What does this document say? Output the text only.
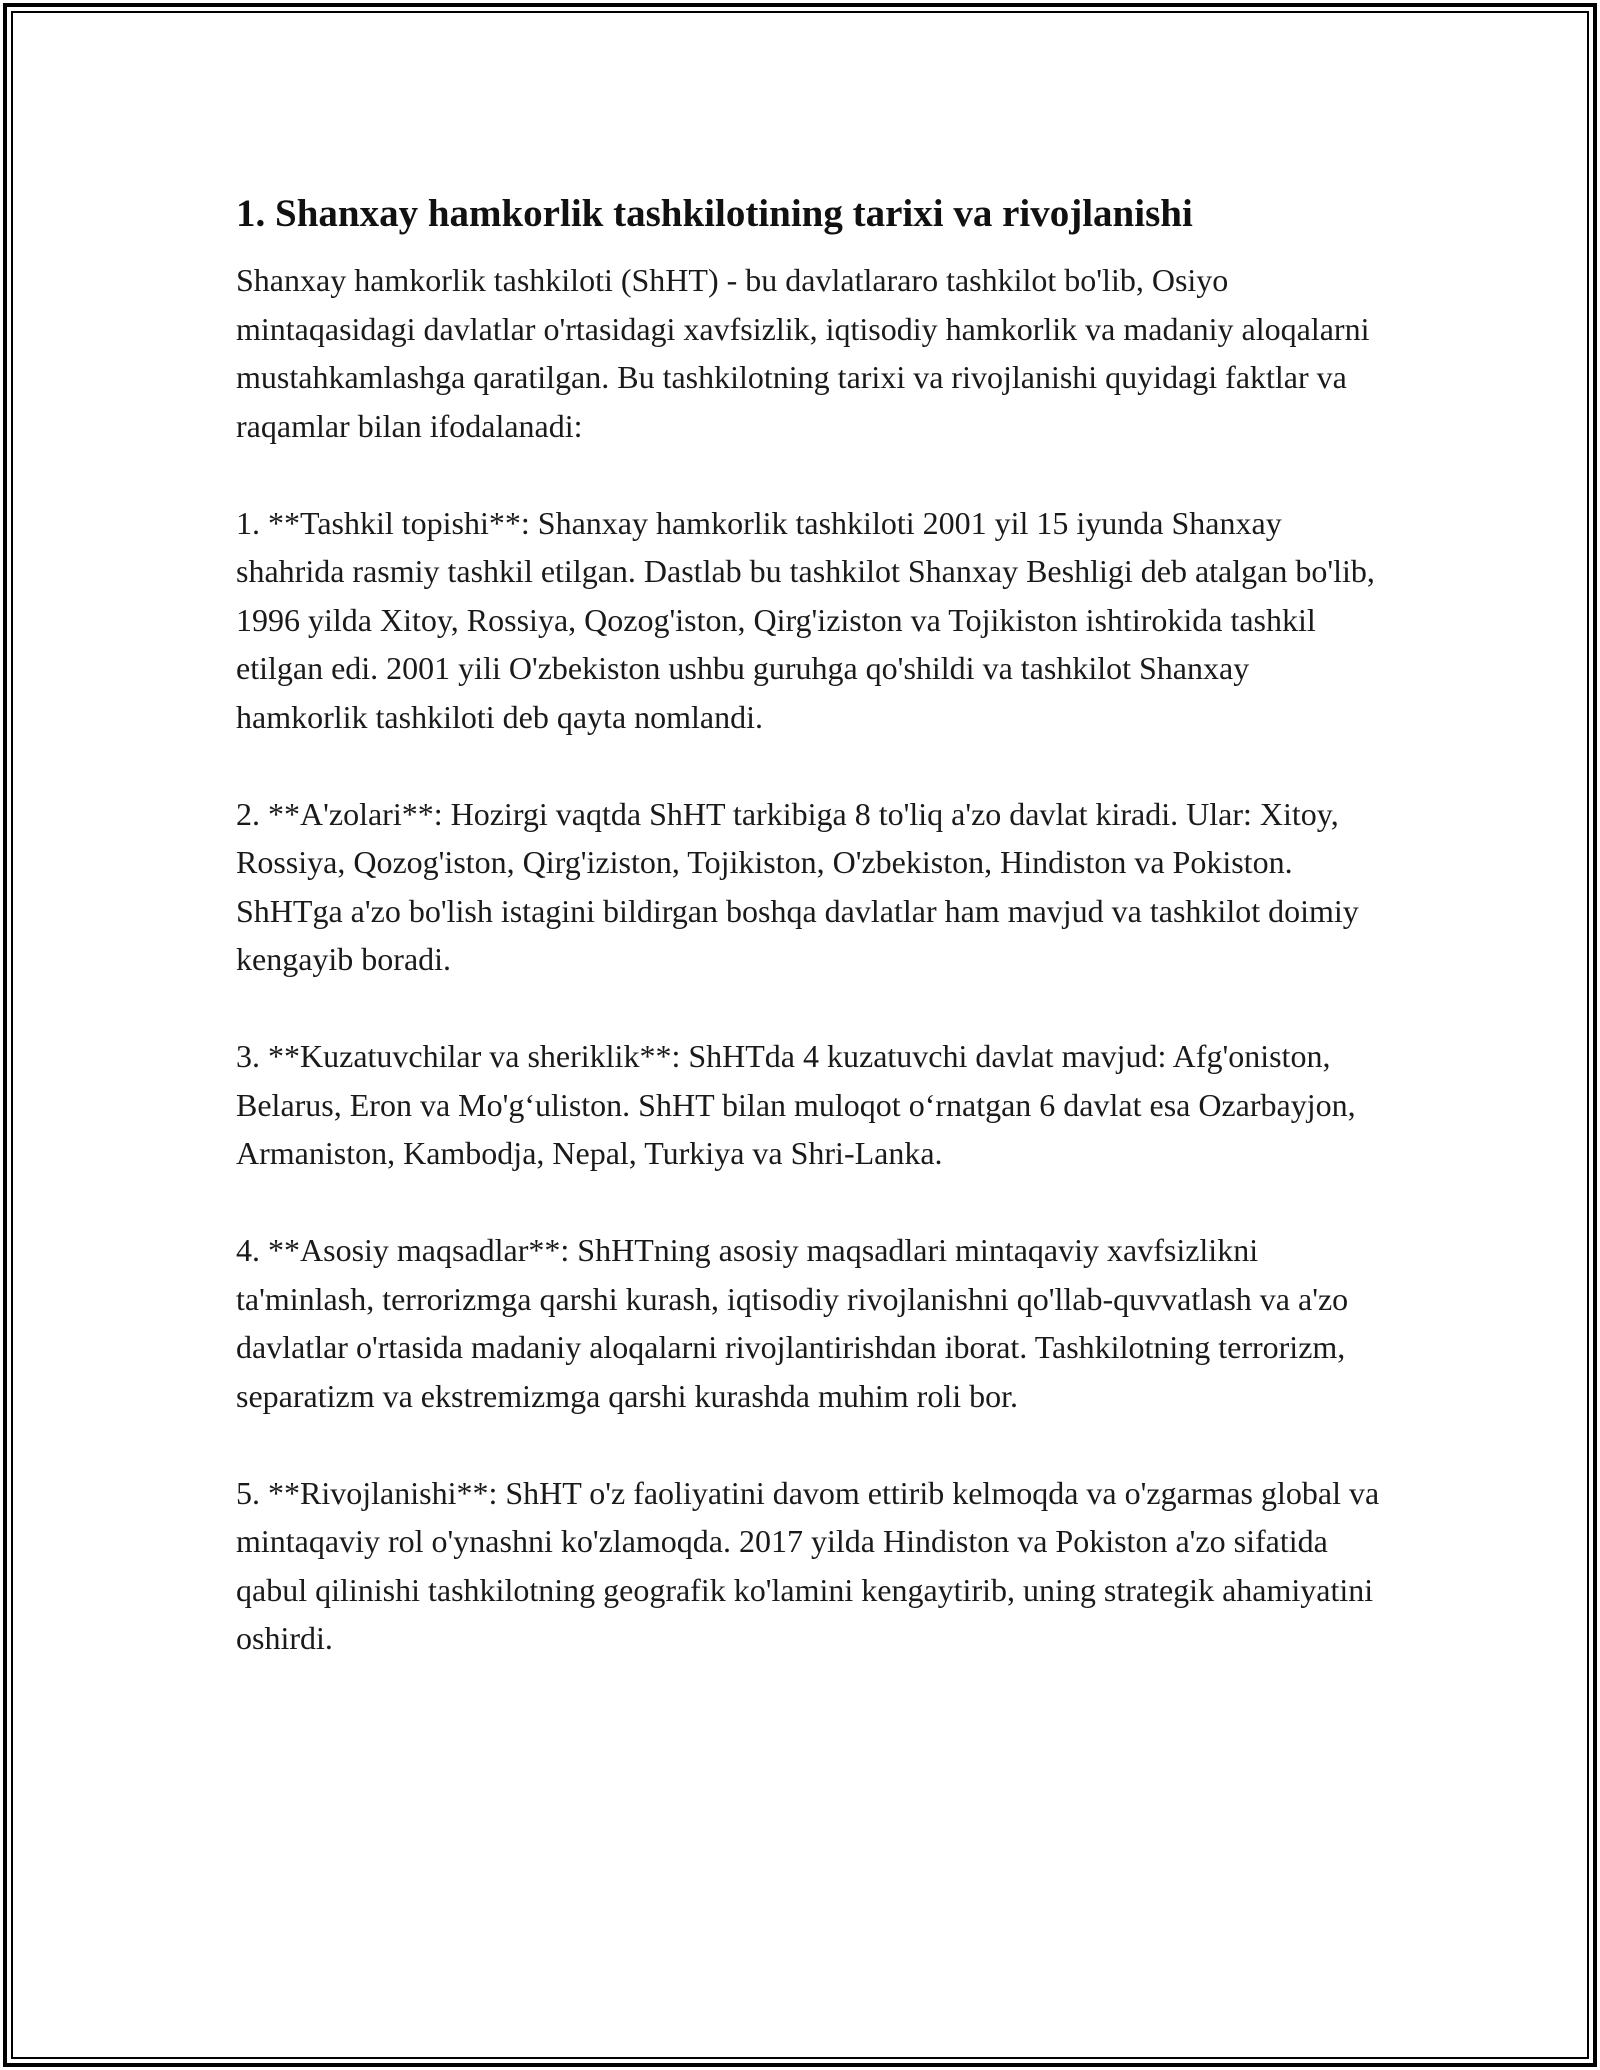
1. Shanxay hamkorlik tashkilotining tarixi va rivojlanishi

Shanxay hamkorlik tashkiloti (ShHT) - bu davlatlararo tashkilot bo'lib, Osiyo mintaqasidagi davlatlar o'rtasidagi xavfsizlik, iqtisodiy hamkorlik va madaniy aloqalarni mustahkamlashga qaratilgan. Bu tashkilotning tarixi va rivojlanishi quyidagi faktlar va raqamlar bilan ifodalanadi:

1. **Tashkil topishi**: Shanxay hamkorlik tashkiloti 2001 yil 15 iyunda Shanxay shahrida rasmiy tashkil etilgan. Dastlab bu tashkilot Shanxay Beshligi deb atalgan bo'lib, 1996 yilda Xitoy, Rossiya, Qozog'iston, Qirg'iziston va Tojikiston ishtirokida tashkil etilgan edi. 2001 yili O'zbekiston ushbu guruhga qo'shildi va tashkilot Shanxay hamkorlik tashkiloti deb qayta nomlandi.

2. **A'zolari**: Hozirgi vaqtda ShHT tarkibiga 8 to'liq a'zo davlat kiradi. Ular: Xitoy, Rossiya, Qozog'iston, Qirg'iziston, Tojikiston, O'zbekiston, Hindiston va Pokiston. ShHTga a'zo bo'lish istagini bildirgan boshqa davlatlar ham mavjud va tashkilot doimiy kengayib boradi.

3. **Kuzatuvchilar va sheriklik**: ShHTda 4 kuzatuvchi davlat mavjud: Afg'oniston, Belarus, Eron va Mo'g‘uliston. ShHT bilan muloqot o‘rnatgan 6 davlat esa Ozarbayjon, Armaniston, Kambodja, Nepal, Turkiya va Shri-Lanka.

4. **Asosiy maqsadlar**: ShHTning asosiy maqsadlari mintaqaviy xavfsizlikni ta'minlash, terrorizmga qarshi kurash, iqtisodiy rivojlanishni qo'llab-quvvatlash va a'zo davlatlar o'rtasida madaniy aloqalarni rivojlantirishdan iborat. Tashkilotning terrorizm, separatizm va ekstremizmga qarshi kurashda muhim roli bor.

5. **Rivojlanishi**: ShHT o'z faoliyatini davom ettirib kelmoqda va o'zgarmas global va mintaqaviy rol o'ynashni ko'zlamoqda. 2017 yilda Hindiston va Pokiston a'zo sifatida qabul qilinishi tashkilotning geografik ko'lamini kengaytirib, uning strategik ahamiyatini oshirdi.
